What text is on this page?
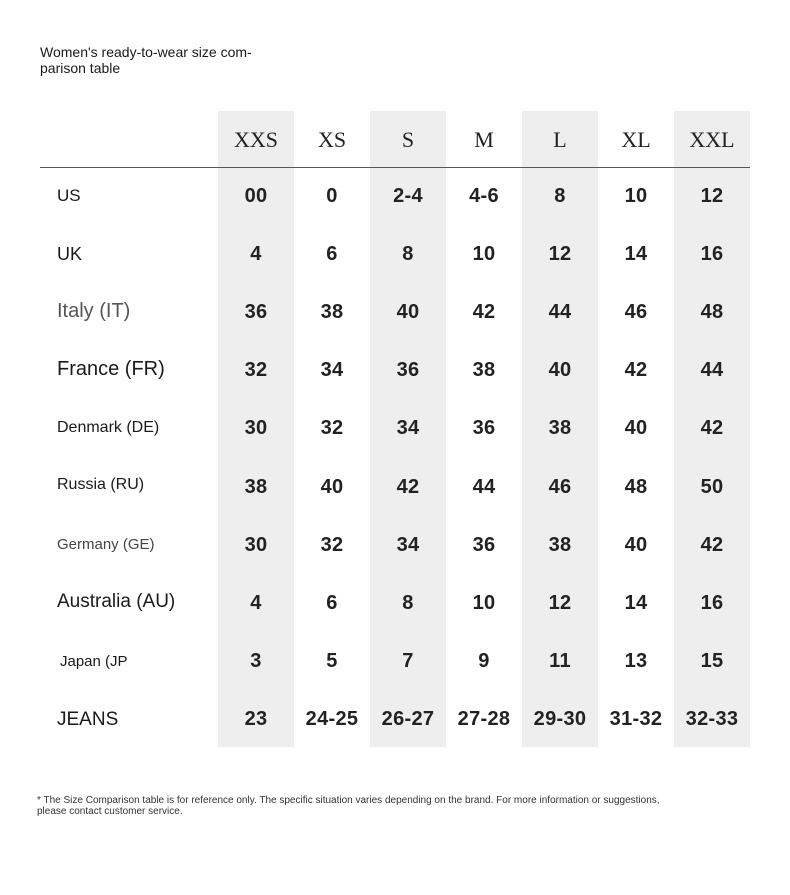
Women's ready-to-wear size com-
parison table
XXS	XS	S	M	L	XL	XXL
US	00	0	2-4	4-6	8	10	12
UK	4	6	8	10	12	14	16
Italy (IT)	36	38	40	42	44	46	48
France (FR)	32	34	36	38	40	42	44
Denmark (DE)	30	32	34	36	38	40	42
Russia (RU)	38	40	42	44	46	48	50
Germany (GE)	30	32	34	36	38	40	42
Australia (AU)	4	6	8	10	12	14	16
Japan (JP	3	5	7	9	11	13	15
JEANS	23	24-25	26-27	27-28	29-30	31-32	32-33
* The Size Comparison table is for reference only. The specific situation varies depending on the brand. For more information or suggestions,
please contact customer service.
